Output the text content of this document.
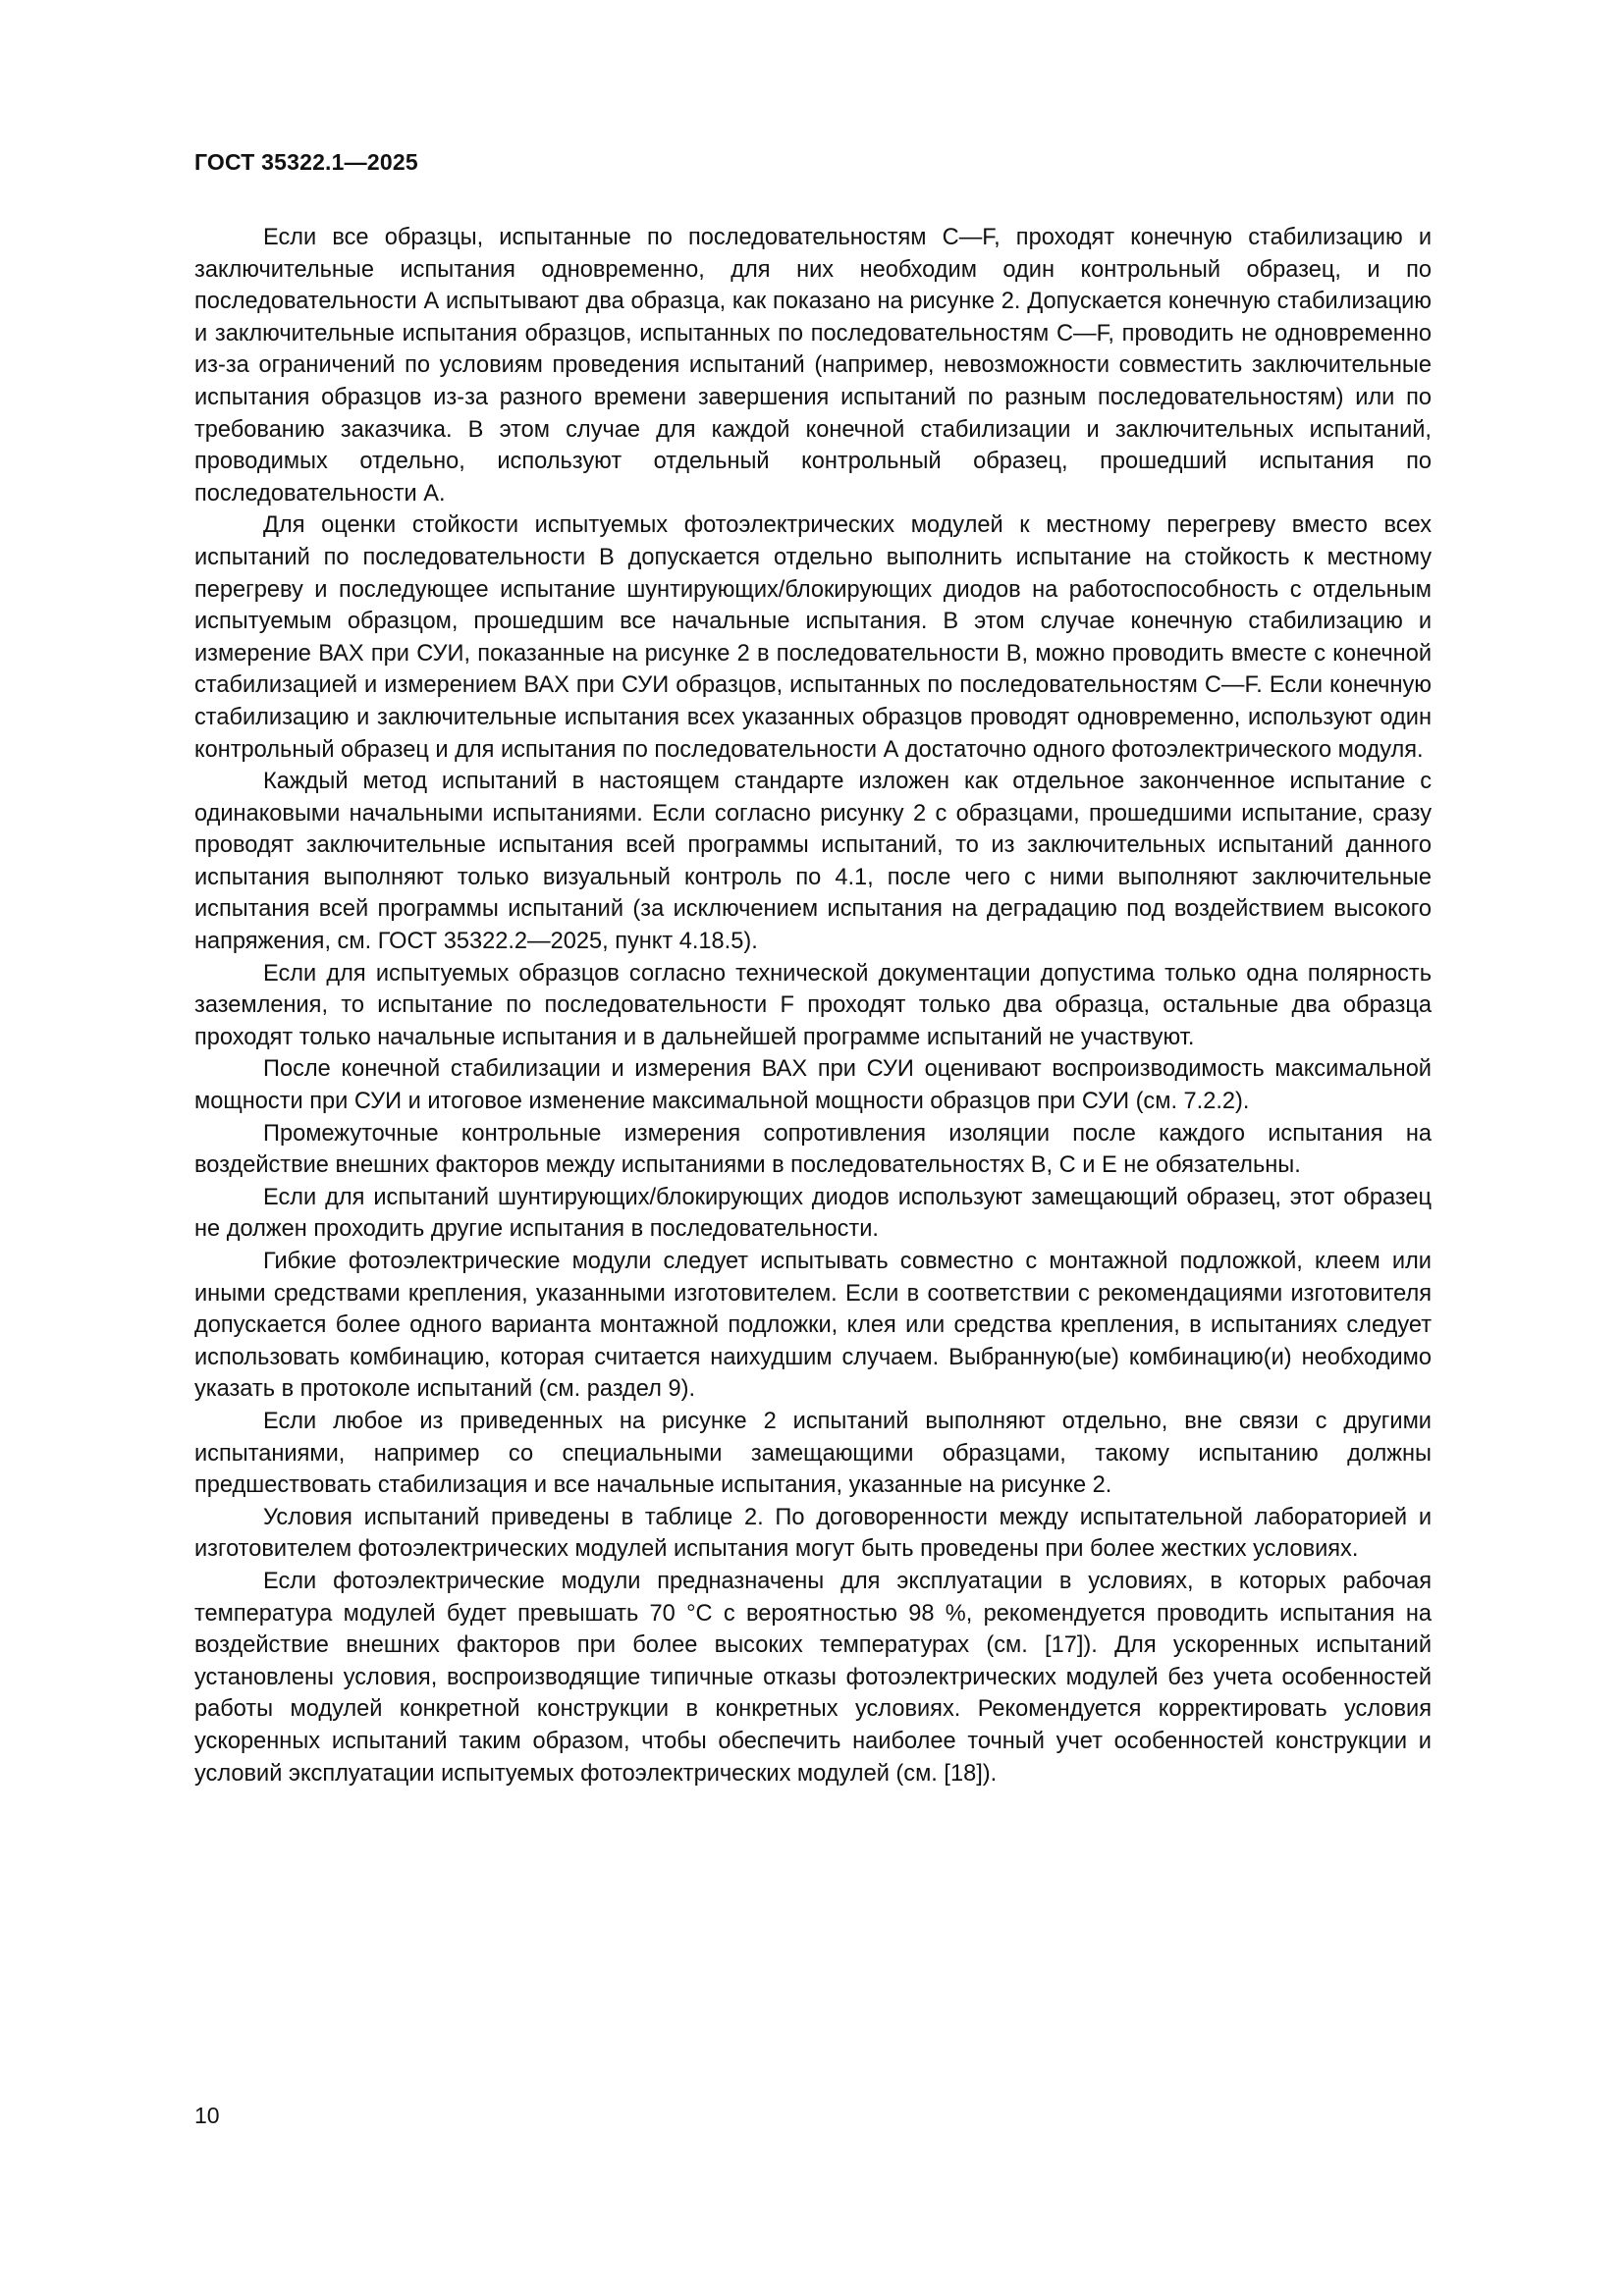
ГОСТ 35322.1—2025

Если все образцы, испытанные по последовательностям С—F, проходят конечную стабилизацию и заключительные испытания одновременно, для них необходим один контрольный образец, и по последовательности А испытывают два образца, как показано на рисунке 2. Допускается конечную стабилизацию и заключительные испытания образцов, испытанных по последовательностям С—F, проводить не одновременно из-за ограничений по условиям проведения испытаний (например, невозможности совместить заключительные испытания образцов из-за разного времени завершения испытаний по разным последовательностям) или по требованию заказчика. В этом случае для каждой конечной стабилизации и заключительных испытаний, проводимых отдельно, используют отдельный контрольный образец, прошедший испытания по последовательности А.

Для оценки стойкости испытуемых фотоэлектрических модулей к местному перегреву вместо всех испытаний по последовательности В допускается отдельно выполнить испытание на стойкость к местному перегреву и последующее испытание шунтирующих/блокирующих диодов на работоспособность с отдельным испытуемым образцом, прошедшим все начальные испытания. В этом случае конечную стабилизацию и измерение ВАХ при СУИ, показанные на рисунке 2 в последовательности В, можно проводить вместе с конечной стабилизацией и измерением ВАХ при СУИ образцов, испытанных по последовательностям С—F. Если конечную стабилизацию и заключительные испытания всех указанных образцов проводят одновременно, используют один контрольный образец и для испытания по последовательности А достаточно одного фотоэлектрического модуля.

Каждый метод испытаний в настоящем стандарте изложен как отдельное законченное испытание с одинаковыми начальными испытаниями. Если согласно рисунку 2 с образцами, прошедшими испытание, сразу проводят заключительные испытания всей программы испытаний, то из заключительных испытаний данного испытания выполняют только визуальный контроль по 4.1, после чего с ними выполняют заключительные испытания всей программы испытаний (за исключением испытания на деградацию под воздействием высокого напряжения, см. ГОСТ 35322.2—2025, пункт 4.18.5).

Если для испытуемых образцов согласно технической документации допустима только одна полярность заземления, то испытание по последовательности F проходят только два образца, остальные два образца проходят только начальные испытания и в дальнейшей программе испытаний не участвуют.

После конечной стабилизации и измерения ВАХ при СУИ оценивают воспроизводимость максимальной мощности при СУИ и итоговое изменение максимальной мощности образцов при СУИ (см. 7.2.2).

Промежуточные контрольные измерения сопротивления изоляции после каждого испытания на воздействие внешних факторов между испытаниями в последовательностях В, С и Е не обязательны.

Если для испытаний шунтирующих/блокирующих диодов используют замещающий образец, этот образец не должен проходить другие испытания в последовательности.

Гибкие фотоэлектрические модули следует испытывать совместно с монтажной подложкой, клеем или иными средствами крепления, указанными изготовителем. Если в соответствии с рекомендациями изготовителя допускается более одного варианта монтажной подложки, клея или средства крепления, в испытаниях следует использовать комбинацию, которая считается наихудшим случаем. Выбранную(ые) комбинацию(и) необходимо указать в протоколе испытаний (см. раздел 9).

Если любое из приведенных на рисунке 2 испытаний выполняют отдельно, вне связи с другими испытаниями, например со специальными замещающими образцами, такому испытанию должны предшествовать стабилизация и все начальные испытания, указанные на рисунке 2.

Условия испытаний приведены в таблице 2. По договоренности между испытательной лабораторией и изготовителем фотоэлектрических модулей испытания могут быть проведены при более жестких условиях.

Если фотоэлектрические модули предназначены для эксплуатации в условиях, в которых рабочая температура модулей будет превышать 70 °С с вероятностью 98 %, рекомендуется проводить испытания на воздействие внешних факторов при более высоких температурах (см. [17]). Для ускоренных испытаний установлены условия, воспроизводящие типичные отказы фотоэлектрических модулей без учета особенностей работы модулей конкретной конструкции в конкретных условиях. Рекомендуется корректировать условия ускоренных испытаний таким образом, чтобы обеспечить наиболее точный учет особенностей конструкции и условий эксплуатации испытуемых фотоэлектрических модулей (см. [18]).

10
